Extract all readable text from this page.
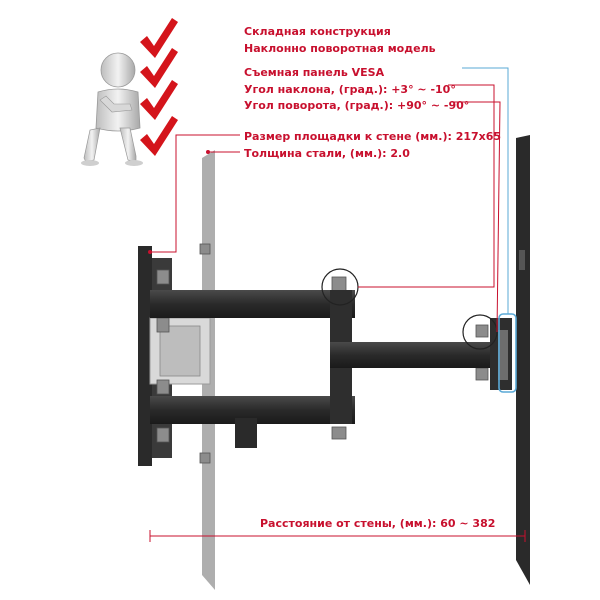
Расстояние от стены, (мм.): 60 ~ 382
Складная конструкция
Наклонно поворотная модель
Съемная панель VESA
Угол наклона, (град.): +3° ~ -10°
Угол поворота, (град.): +90° ~ -90°
Размер площадки к стене (мм.): 217x65
Толщина стали, (мм.): 2.0
